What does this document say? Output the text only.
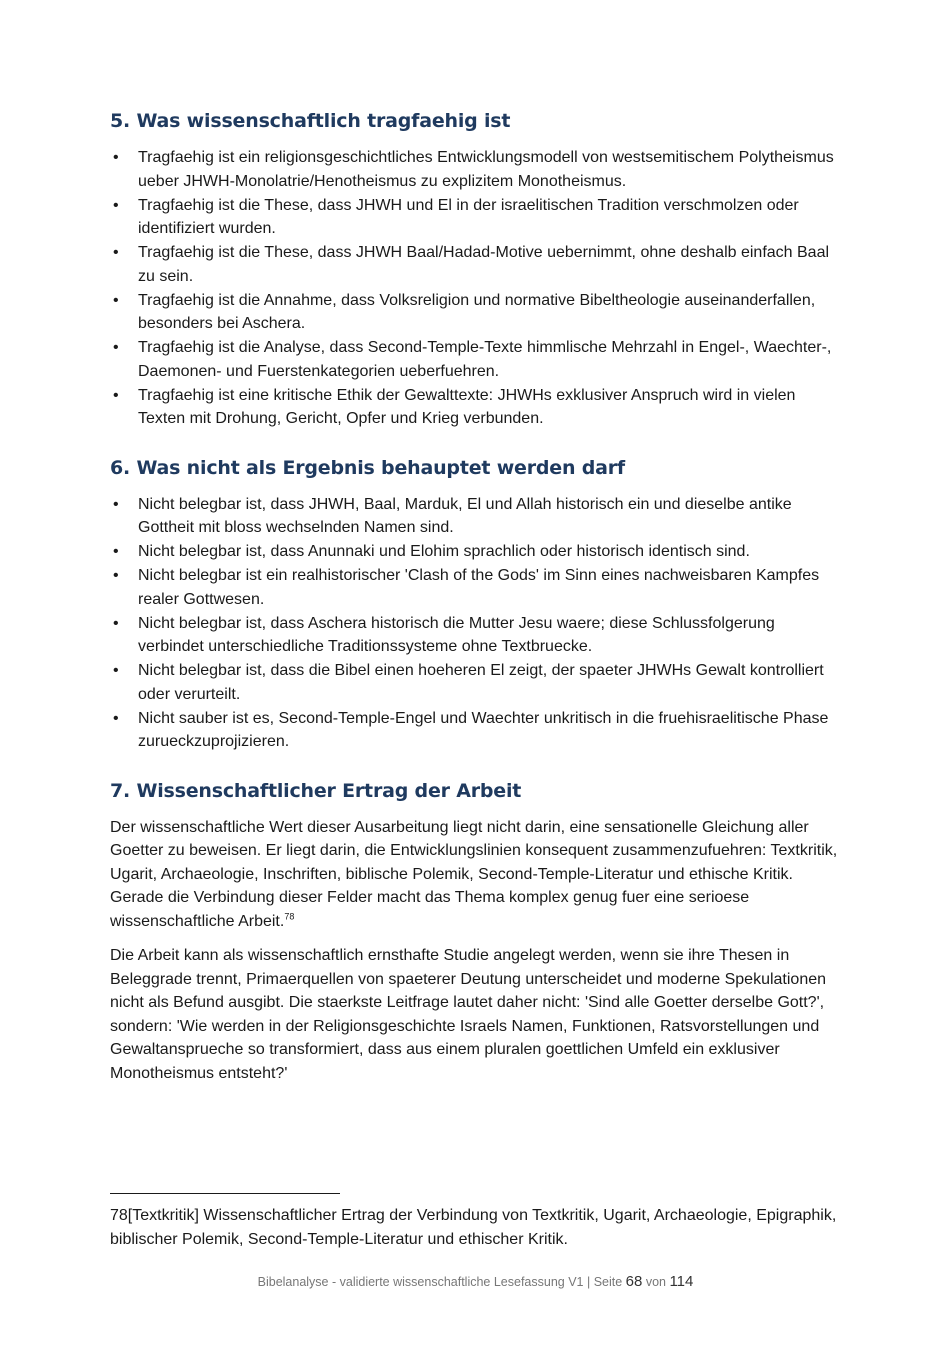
5. Was wissenschaftlich tragfaehig ist
• Tragfaehig ist ein religionsgeschichtliches Entwicklungsmodell von westsemitischem Polytheismus ueber JHWH-Monolatrie/Henotheismus zu explizitem Monotheismus.
• Tragfaehig ist die These, dass JHWH und El in der israelitischen Tradition verschmolzen oder identifiziert wurden.
• Tragfaehig ist die These, dass JHWH Baal/Hadad-Motive uebernimmt, ohne deshalb einfach Baal zu sein.
• Tragfaehig ist die Annahme, dass Volksreligion und normative Bibeltheologie auseinanderfallen, besonders bei Aschera.
• Tragfaehig ist die Analyse, dass Second-Temple-Texte himmlische Mehrzahl in Engel-, Waechter-, Daemonen- und Fuerstenkategorien ueberfuehren.
• Tragfaehig ist eine kritische Ethik der Gewalttexte: JHWHs exklusiver Anspruch wird in vielen Texten mit Drohung, Gericht, Opfer und Krieg verbunden.
6. Was nicht als Ergebnis behauptet werden darf
• Nicht belegbar ist, dass JHWH, Baal, Marduk, El und Allah historisch ein und dieselbe antike Gottheit mit bloss wechselnden Namen sind.
• Nicht belegbar ist, dass Anunnaki und Elohim sprachlich oder historisch identisch sind.
• Nicht belegbar ist ein realhistorischer 'Clash of the Gods' im Sinn eines nachweisbaren Kampfes realer Gottwesen.
• Nicht belegbar ist, dass Aschera historisch die Mutter Jesu waere; diese Schlussfolgerung verbindet unterschiedliche Traditionssysteme ohne Textbruecke.
• Nicht belegbar ist, dass die Bibel einen hoeheren El zeigt, der spaeter JHWHs Gewalt kontrolliert oder verurteilt.
• Nicht sauber ist es, Second-Temple-Engel und Waechter unkritisch in die fruehisraelitische Phase zurueckzuprojizieren.
7. Wissenschaftlicher Ertrag der Arbeit

Der wissenschaftliche Wert dieser Ausarbeitung liegt nicht darin, eine sensationelle Gleichung aller Goetter zu beweisen. Er liegt darin, die Entwicklungslinien konsequent zusammenzufuehren: Textkritik, Ugarit, Archaeologie, Inschriften, biblische Polemik, Second-Temple-Literatur und ethische Kritik. Gerade die Verbindung dieser Felder macht das Thema komplex genug fuer eine serioese wissenschaftliche Arbeit.$^{78}$

Die Arbeit kann als wissenschaftlich ernsthafte Studie angelegt werden, wenn sie ihre Thesen in Beleggrade trennt, Primaerquellen von spaeterer Deutung unterscheidet und moderne Spekulationen nicht als Befund ausgibt. Die staerkste Leitfrage lautet daher nicht: 'Sind alle Goetter derselbe Gott?', sondern: 'Wie werden in der Religionsgeschichte Israels Namen, Funktionen, Ratsvorstellungen und Gewaltansprueche so transformiert, dass aus einem pluralen goettlichen Umfeld ein exklusiver Monotheismus entsteht?'

78[Textkritik] Wissenschaftlicher Ertrag der Verbindung von Textkritik, Ugarit, Archaeologie, Epigraphik, biblischer Polemik, Second-Temple-Literatur und ethischer Kritik.
Bibelanalyse - validierte wissenschaftliche Lesefassung V1 | Seite 68 von 114
